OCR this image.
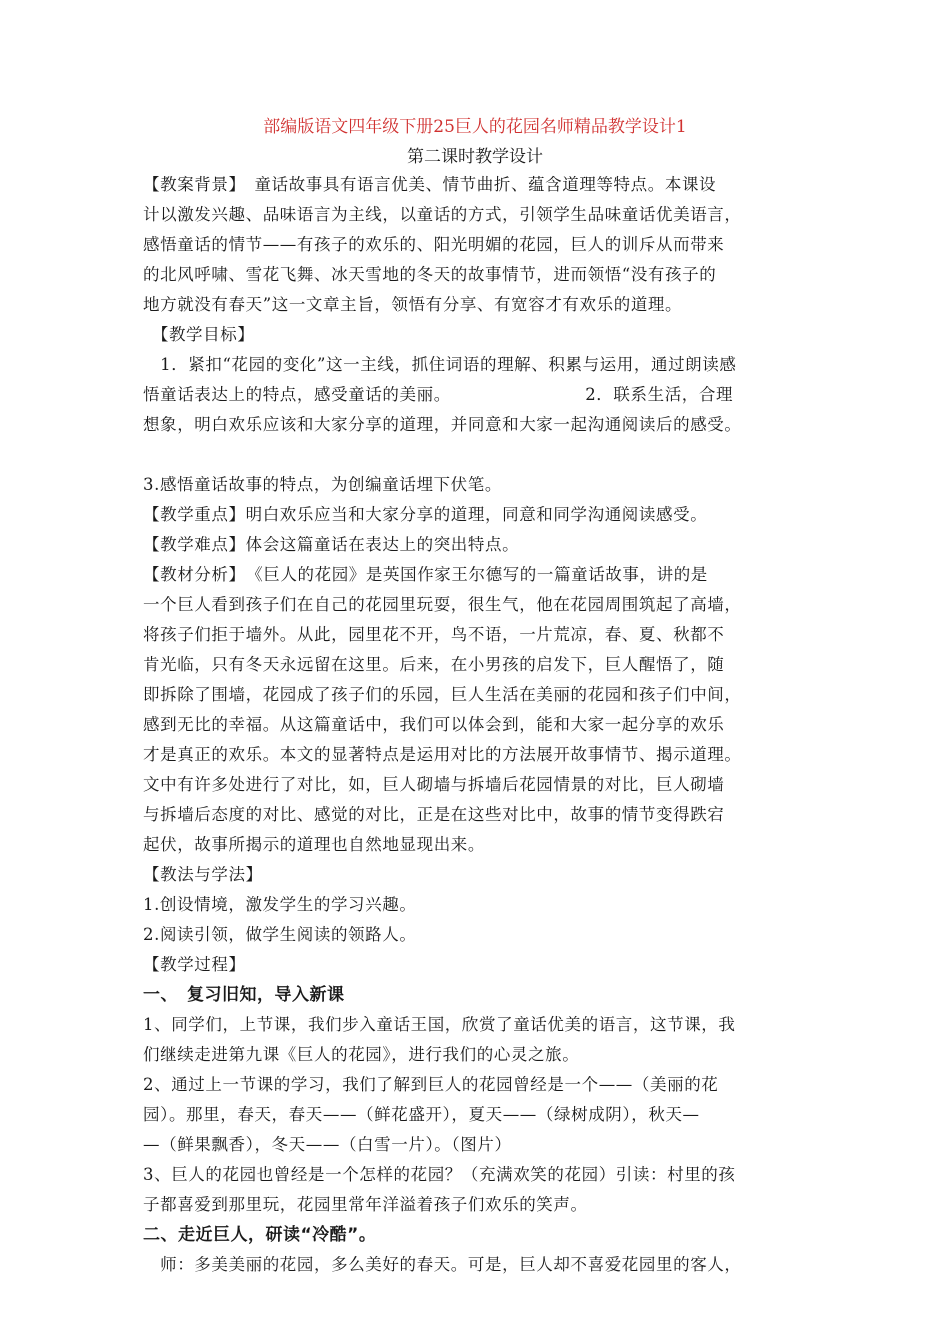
部编版语文四年级下册25巨人的花园名师精品教学设计1
第二课时教学设计
【教案背景】　童话故事具有语言优美、情节曲折、蕴含道理等特点。本课设
计以激发兴趣、品味语言为主线，以童话的方式，引领学生品味童话优美语言，
感悟童话的情节——有孩子的欢乐的、阳光明媚的花园，巨人的训斥从而带来
的北风呼啸、雪花飞舞、冰天雪地的冬天的故事情节，进而领悟“没有孩子的
地方就没有春天”这一文章主旨，领悟有分享、有宽容才有欢乐的道理。
　【教学目标】
　1．紧扣“花园的变化”这一主线，抓住词语的理解、积累与运用，通过朗读感
悟童话表达上的特点，感受童话的美丽。　　　　　　　　 2．联系生活，合理
想象，明白欢乐应该和大家分享的道理，并同意和大家一起沟通阅读后的感受。
3.感悟童话故事的特点，为创编童话埋下伏笔。
【教学重点】明白欢乐应当和大家分享的道理，同意和同学沟通阅读感受。
【教学难点】体会这篇童话在表达上的突出特点。
【教材分析】　《巨人的花园》是英国作家王尔德写的一篇童话故事，讲的是
一个巨人看到孩子们在自己的花园里玩耍，很生气，他在花园周围筑起了高墙，
将孩子们拒于墙外。从此，园里花不开，鸟不语，一片荒凉，春、夏、秋都不
肯光临，只有冬天永远留在这里。后来，在小男孩的启发下，巨人醒悟了，随
即拆除了围墙，花园成了孩子们的乐园，巨人生活在美丽的花园和孩子们中间，
感到无比的幸福。从这篇童话中，我们可以体会到，能和大家一起分享的欢乐
才是真正的欢乐。本文的显著特点是运用对比的方法展开故事情节、揭示道理。
文中有许多处进行了对比，如，巨人砌墙与拆墙后花园情景的对比，巨人砌墙
与拆墙后态度的对比、感觉的对比，正是在这些对比中，故事的情节变得跌宕
起伏，故事所揭示的道理也自然地显现出来。
【教法与学法】
1.创设情境，激发学生的学习兴趣。
2.阅读引领，做学生阅读的领路人。
【教学过程】
一、　复习旧知，导入新课
1、同学们，上节课，我们步入童话王国，欣赏了童话优美的语言，这节课，我
们继续走进第九课《巨人的花园》，进行我们的心灵之旅。
2、通过上一节课的学习，我们了解到巨人的花园曾经是一个——（美丽的花
园）。那里，春天，春天——（鲜花盛开），夏天——（绿树成阴），秋天—
—（鲜果飘香），冬天——（白雪一片）。（图片）
3、巨人的花园也曾经是一个怎样的花园？（充满欢笑的花园）引读：村里的孩
子都喜爱到那里玩，花园里常年洋溢着孩子们欢乐的笑声。
二、走近巨人，研读“冷酷”。
　师：多美美丽的花园，多么美好的春天。可是，巨人却不喜爱花园里的客人，
